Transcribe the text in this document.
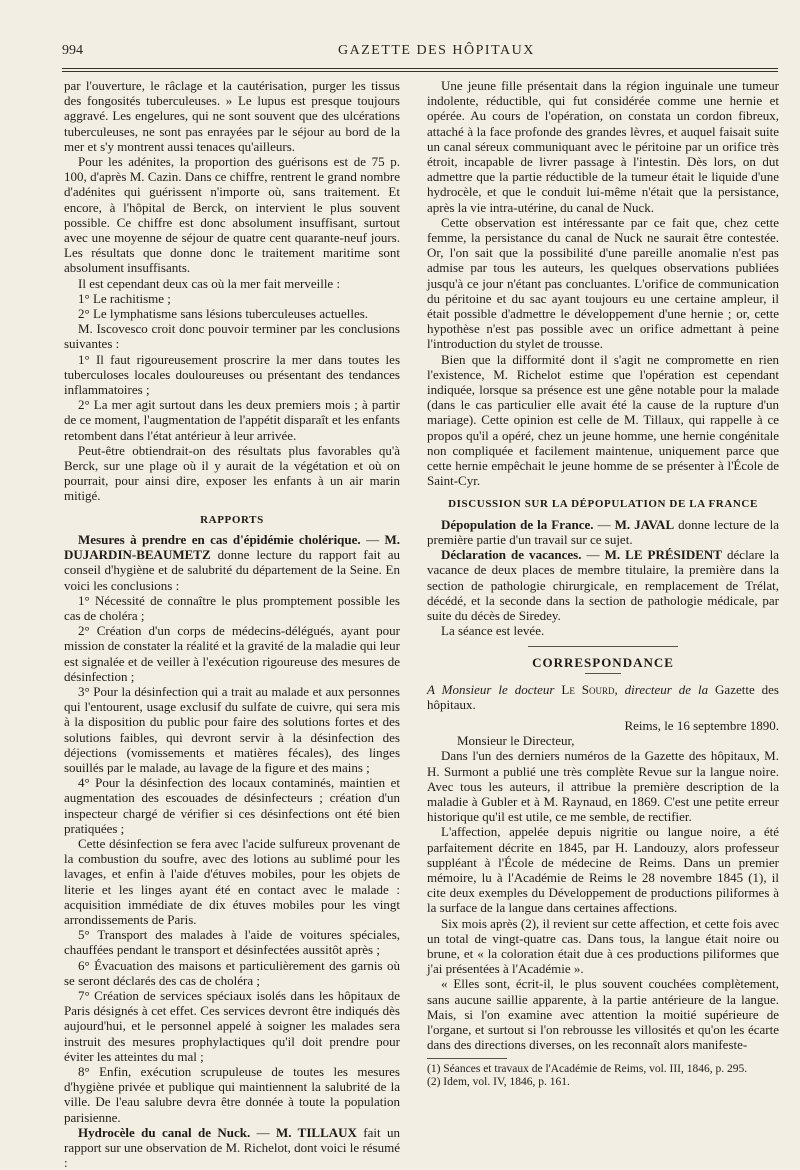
994	GAZETTE DES HÔPITAUX

par l'ouverture, le râclage et la cautérisation, purger les tissus des fongosités tuberculeuses. » Le lupus est presque toujours aggravé. Les engelures, qui ne sont souvent que des ulcérations tuberculeuses, ne sont pas enrayées par le séjour au bord de la mer et s'y montrent aussi tenaces qu'ailleurs.

Pour les adénites, la proportion des guérisons est de 75 p. 100, d'après M. Cazin. Dans ce chiffre, rentrent le grand nombre d'adénites qui guérissent n'importe où, sans traitement. Et encore, à l'hôpital de Berck, on intervient le plus souvent possible. Ce chiffre est donc absolument insuffisant, surtout avec une moyenne de séjour de quatre cent quarante-neuf jours. Les résultats que donne donc le traitement maritime sont absolument insuffisants.

Il est cependant deux cas où la mer fait merveille :

1° Le rachitisme ;

2° Le lymphatisme sans lésions tuberculeuses actuelles.

M. Iscovesco croit donc pouvoir terminer par les conclusions suivantes :

1° Il faut rigoureusement proscrire la mer dans toutes les tuberculoses locales douloureuses ou présentant des tendances inflammatoires ;

2° La mer agit surtout dans les deux premiers mois ; à partir de ce moment, l'augmentation de l'appétit disparaît et les enfants retombent dans l'état antérieur à leur arrivée.

Peut-être obtiendrait-on des résultats plus favorables qu'à Berck, sur une plage où il y aurait de la végétation et où on pourrait, pour ainsi dire, exposer les enfants à un air marin mitigé.

RAPPORTS

Mesures à prendre en cas d'épidémie cholérique. — M. DUJARDIN-BEAUMETZ donne lecture du rapport fait au conseil d'hygiène et de salubrité du département de la Seine. En voici les conclusions :

1° Nécessité de connaître le plus promptement possible les cas de choléra ;

2° Création d'un corps de médecins-délégués, ayant pour mission de constater la réalité et la gravité de la maladie qui leur est signalée et de veiller à l'exécution rigoureuse des mesures de désinfection ;

3° Pour la désinfection qui a trait au malade et aux personnes qui l'entourent, usage exclusif du sulfate de cuivre, qui sera mis à la disposition du public pour faire des solutions fortes et des solutions faibles, qui devront servir à la désinfection des déjections (vomissements et matières fécales), des linges souillés par le malade, au lavage de la figure et des mains ;

4° Pour la désinfection des locaux contaminés, maintien et augmentation des escouades de désinfecteurs ; création d'un inspecteur chargé de vérifier si ces désinfections ont été bien pratiquées ;

Cette désinfection se fera avec l'acide sulfureux provenant de la combustion du soufre, avec des lotions au sublimé pour les lavages, et enfin à l'aide d'étuves mobiles, pour les objets de literie et les linges ayant été en contact avec le malade : acquisition immédiate de dix étuves mobiles pour les vingt arrondissements de Paris.

5° Transport des malades à l'aide de voitures spéciales, chauffées pendant le transport et désinfectées aussitôt après ;

6° Évacuation des maisons et particulièrement des garnis où se seront déclarés des cas de choléra ;

7° Création de services spéciaux isolés dans les hôpitaux de Paris désignés à cet effet. Ces services devront être indiqués dès aujourd'hui, et le personnel appelé à soigner les malades sera instruit des mesures prophylactiques qu'il doit prendre pour éviter les atteintes du mal ;

8° Enfin, exécution scrupuleuse de toutes les mesures d'hygiène privée et publique qui maintiennent la salubrité de la ville. De l'eau salubre devra être donnée à toute la population parisienne.

Hydrocèle du canal de Nuck. — M. TILLAUX fait un rapport sur une observation de M. Richelot, dont voici le résumé :

Une jeune fille présentait dans la région inguinale une tumeur indolente, réductible, qui fut considérée comme une hernie et opérée. Au cours de l'opération, on constata un cordon fibreux, attaché à la face profonde des grandes lèvres, et auquel faisait suite un canal séreux communiquant avec le péritoine par un orifice très étroit, incapable de livrer passage à l'intestin. Dès lors, on dut admettre que la partie réductible de la tumeur était le liquide d'une hydrocèle, et que le conduit lui-même n'était que la persistance, après la vie intra-utérine, du canal de Nuck.

Cette observation est intéressante par ce fait que, chez cette femme, la persistance du canal de Nuck ne saurait être contestée. Or, l'on sait que la possibilité d'une pareille anomalie n'est pas admise par tous les auteurs, les quelques observations publiées jusqu'à ce jour n'étant pas concluantes. L'orifice de communication du péritoine et du sac ayant toujours eu une certaine ampleur, il était possible d'admettre le développement d'une hernie ; or, cette hypothèse n'est pas possible avec un orifice admettant à peine l'introduction du stylet de trousse.

Bien que la difformité dont il s'agit ne compromette en rien l'existence, M. Richelot estime que l'opération est cependant indiquée, lorsque sa présence est une gêne notable pour la malade (dans le cas particulier elle avait été la cause de la rupture d'un mariage). Cette opinion est celle de M. Tillaux, qui rappelle à ce propos qu'il a opéré, chez un jeune homme, une hernie congénitale non compliquée et facilement maintenue, uniquement parce que cette hernie empêchait le jeune homme de se présenter à l'École de Saint-Cyr.

DISCUSSION SUR LA DÉPOPULATION DE LA FRANCE

Dépopulation de la France. — M. JAVAL donne lecture de la première partie d'un travail sur ce sujet.

Déclaration de vacances. — M. LE PRÉSIDENT déclare la vacance de deux places de membre titulaire, la première dans la section de pathologie chirurgicale, en remplacement de Trélat, décédé, et la seconde dans la section de pathologie médicale, par suite du décès de Siredey.

La séance est levée.

CORRESPONDANCE

A Monsieur le docteur Le Sourd, directeur de la Gazette des hôpitaux.

Reims, le 16 septembre 1890.

Monsieur le Directeur,

Dans l'un des derniers numéros de la Gazette des hôpitaux, M. H. Surmont a publié une très complète Revue sur la langue noire. Avec tous les auteurs, il attribue la première description de la maladie à Gubler et à M. Raynaud, en 1869. C'est une petite erreur historique qu'il est utile, ce me semble, de rectifier.

L'affection, appelée depuis nigritie ou langue noire, a été parfaitement décrite en 1845, par H. Landouzy, alors professeur suppléant à l'École de médecine de Reims. Dans un premier mémoire, lu à l'Académie de Reims le 28 novembre 1845 (1), il cite deux exemples du Développement de productions piliformes à la surface de la langue dans certaines affections.

Six mois après (2), il revient sur cette affection, et cette fois avec un total de vingt-quatre cas. Dans tous, la langue était noire ou brune, et « la coloration était due à ces productions piliformes que j'ai présentées à l'Académie ».

« Elles sont, écrit-il, le plus souvent couchées complètement, sans aucune saillie apparente, à la partie antérieure de la langue. Mais, si l'on examine avec attention la moitié supérieure de l'organe, et surtout si l'on rebrousse les villosités et qu'on les écarte dans des directions diverses, on les reconnaît alors manifeste-

(1) Séances et travaux de l'Académie de Reims, vol. III, 1846, p. 295.

(2) Idem, vol. IV, 1846, p. 161.
